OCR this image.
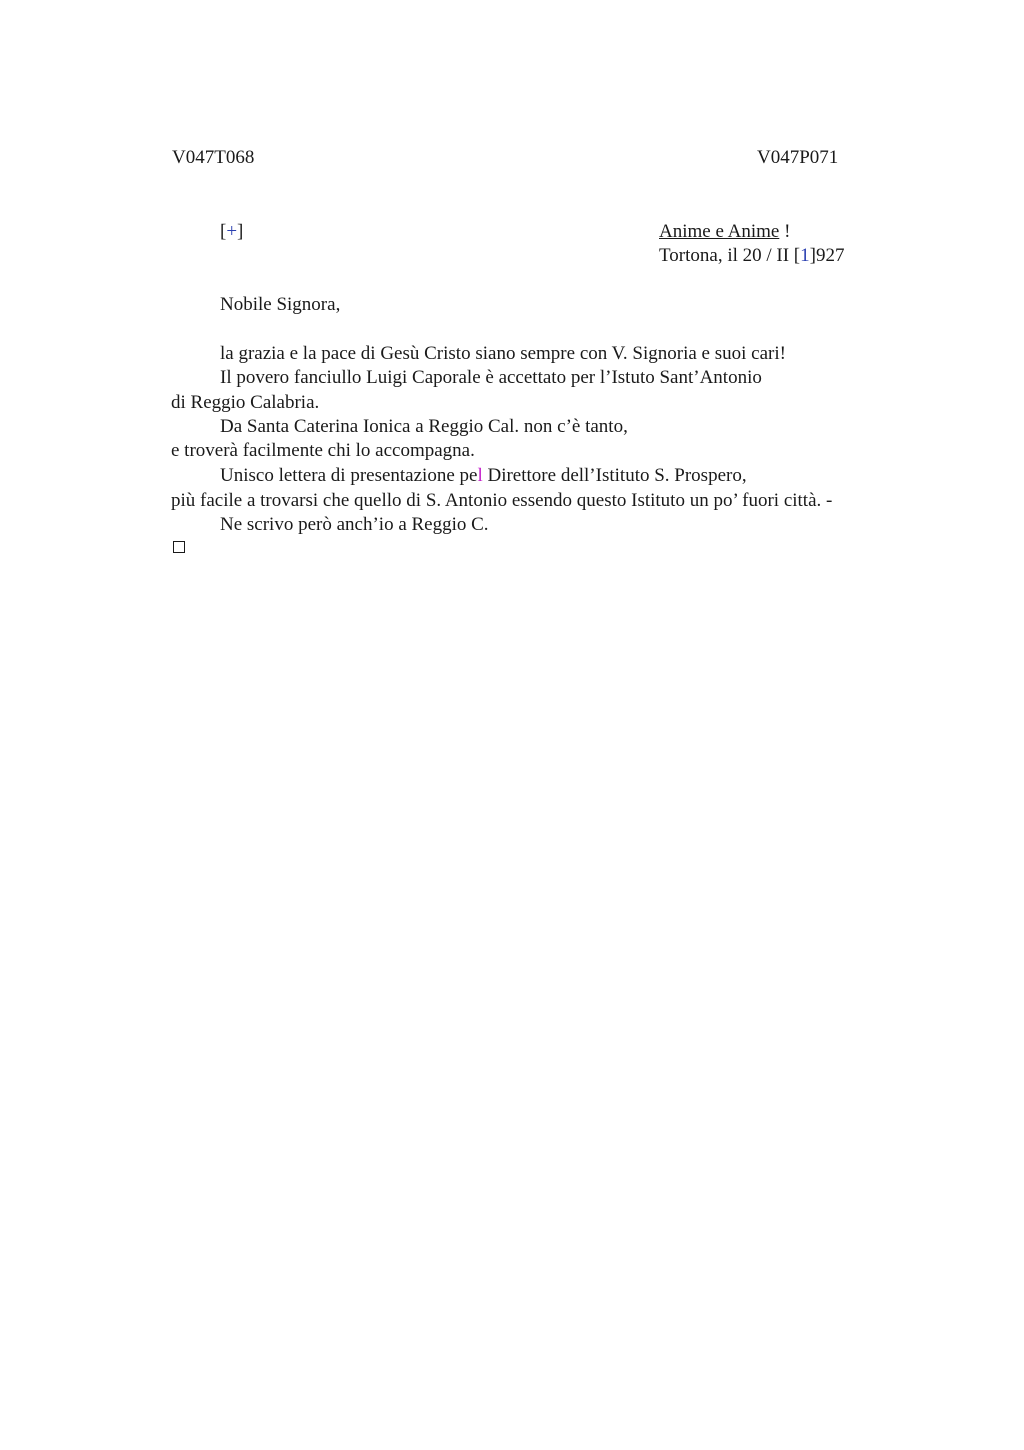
V047T068	V047P071
[+]	Anime e Anime !
Tortona, il 20 / II [1]927
Nobile Signora,
la grazia e la pace di Gesù Cristo siano sempre con V. Signoria e suoi cari!
Il povero fanciullo Luigi Caporale è accettato per l’Istuto Sant’Antonio
di Reggio Calabria.
Da Santa Caterina Ionica a Reggio Cal. non c’è tanto,
e troverà facilmente chi lo accompagna.
Unisco lettera di presentazione pel Direttore dell’Istituto S. Prospero,
più facile a trovarsi che quello di S. Antonio essendo questo Istituto un po’ fuori città. -
Ne scrivo però anch’io a Reggio C.
